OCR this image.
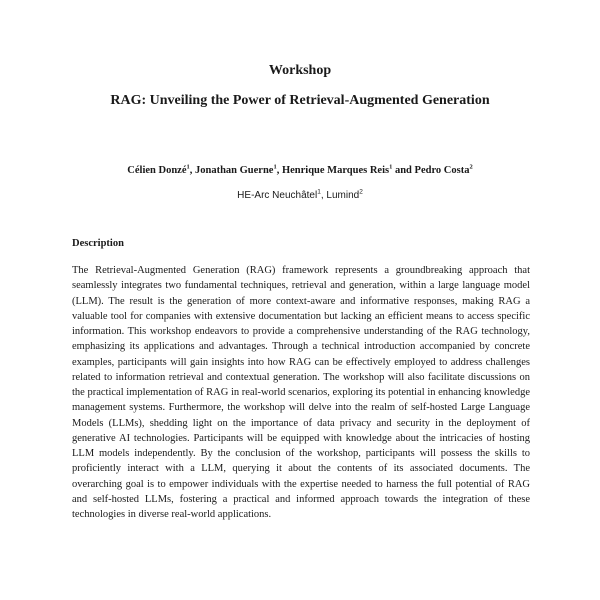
Workshop
RAG: Unveiling the Power of Retrieval-Augmented Generation
Célien Donzé$^1$, Jonathan Guerne$^1$, Henrique Marques Reis$^1$ and Pedro Costa$^2$
HE-Arc Neuchâtel$^1$, Lumind$^2$
Description
The Retrieval-Augmented Generation (RAG) framework represents a groundbreaking approach that seamlessly integrates two fundamental techniques, retrieval and generation, within a large language model (LLM). The result is the generation of more context-aware and informative responses, making RAG a valuable tool for companies with extensive documentation but lacking an efficient means to access specific information. This workshop endeavors to provide a comprehensive understanding of the RAG technology, emphasizing its applications and advantages. Through a technical introduction accompanied by concrete examples, participants will gain insights into how RAG can be effectively employed to address challenges related to information retrieval and contextual generation. The workshop will also facilitate discussions on the practical implementation of RAG in real-world scenarios, exploring its potential in enhancing knowledge management systems. Furthermore, the workshop will delve into the realm of self-hosted Large Language Models (LLMs), shedding light on the importance of data privacy and security in the deployment of generative AI technologies. Participants will be equipped with knowledge about the intricacies of hosting LLM models independently. By the conclusion of the workshop, participants will possess the skills to proficiently interact with a LLM, querying it about the contents of its associated documents. The overarching goal is to empower individuals with the expertise needed to harness the full potential of RAG and self-hosted LLMs, fostering a practical and informed approach towards the integration of these technologies in diverse real-world applications.
